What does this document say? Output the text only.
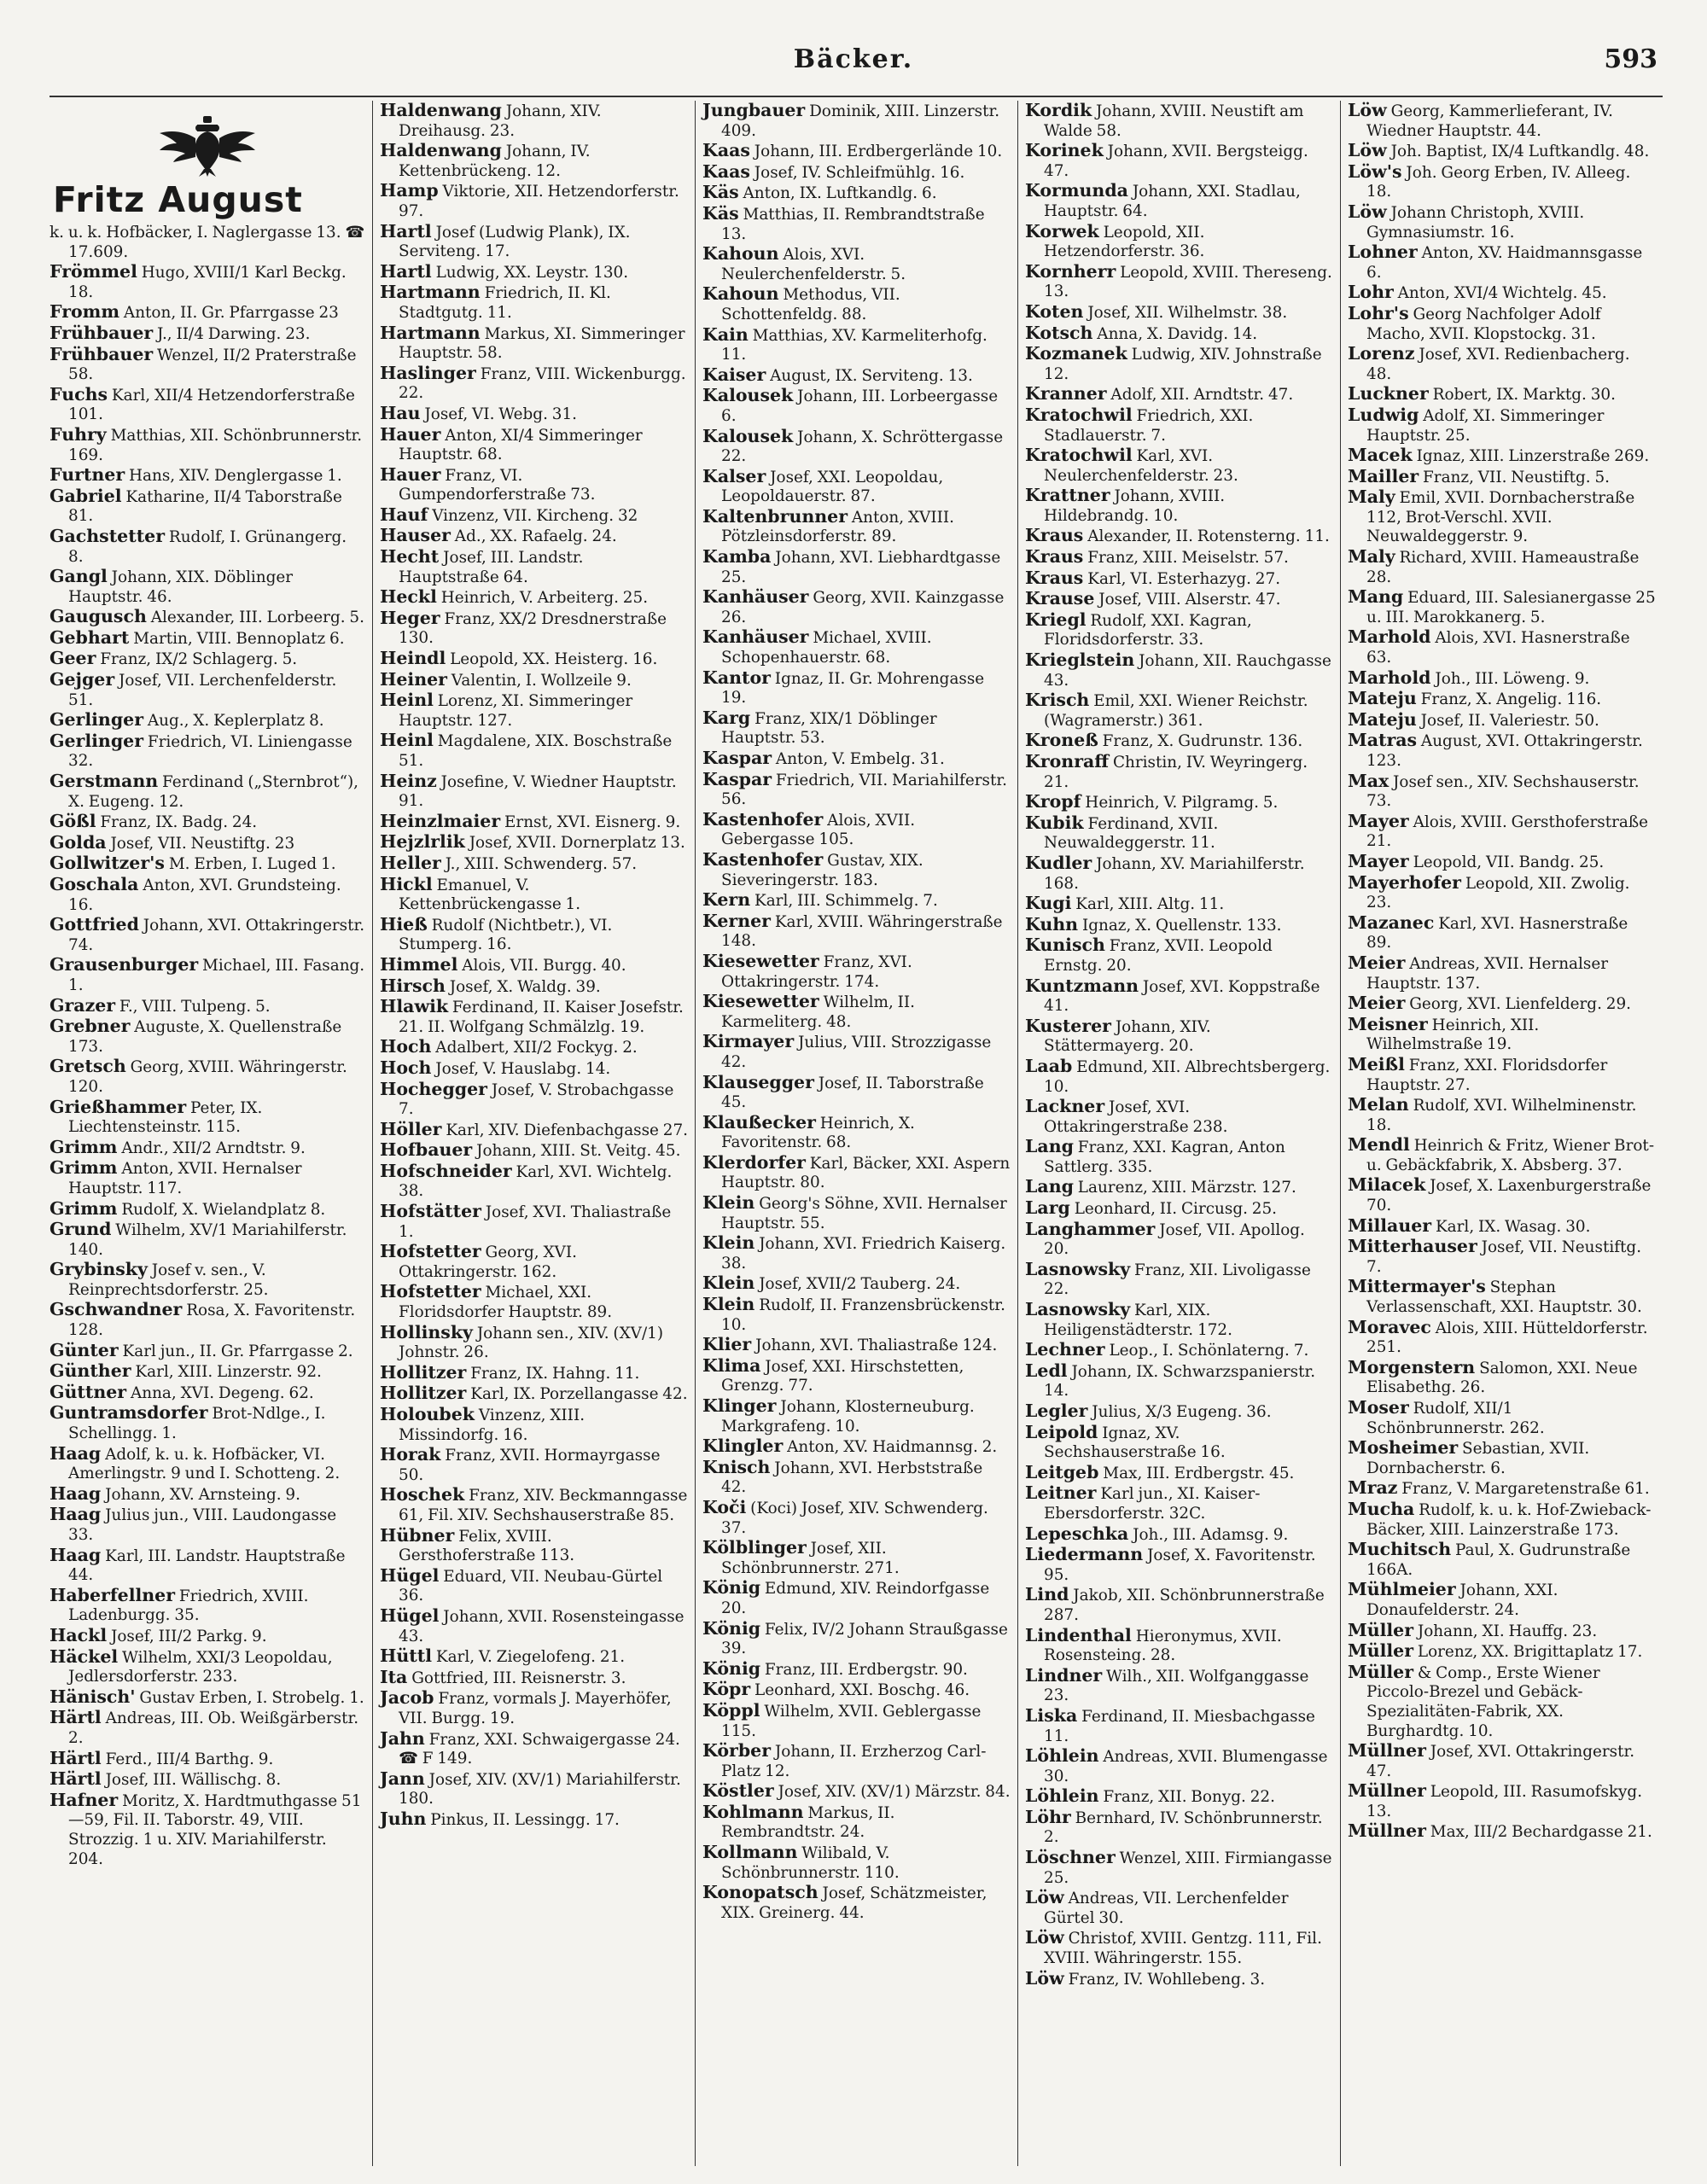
Bäcker.	593
Fritz August
k. u. k. Hofbäcker, I. Naglergasse 13. ☎ 17.609.
Frömmel Hugo, XVIII/1 Karl Beckg. 18.
Fromm Anton, II. Gr. Pfarrgasse 23
Frühbauer J., II/4 Darwing. 23.
Frühbauer Wenzel, II/2 Praterstraße 58.
Fuchs Karl, XII/4 Hetzendorferstraße 101.
Fuhry Matthias, XII. Schönbrunnerstr. 169.
Furtner Hans, XIV. Denglergasse 1.
Gabriel Katharine, II/4 Taborstraße 81.
Gachstetter Rudolf, I. Grünangerg. 8.
Gangl Johann, XIX. Döblinger Hauptstr. 46.
Gaugusch Alexander, III. Lorbeerg. 5.
Gebhart Martin, VIII. Bennoplatz 6.
Geer Franz, IX/2 Schlagerg. 5.
Gejger Josef, VII. Lerchenfelderstr. 51.
Gerlinger Aug., X. Keplerplatz 8.
Gerlinger Friedrich, VI. Liniengasse 32.
Gerstmann Ferdinand („Sternbrot“), X. Eugeng. 12.
Gößl Franz, IX. Badg. 24.
Golda Josef, VII. Neustiftg. 23
Gollwitzer's M. Erben, I. Luged 1.
Goschala Anton, XVI. Grundsteing. 16.
Gottfried Johann, XVI. Ottakringerstr. 74.
Grausenburger Michael, III. Fasang. 1.
Grazer F., VIII. Tulpeng. 5.
Grebner Auguste, X. Quellenstraße 173.
Gretsch Georg, XVIII. Währingerstr. 120.
Grießhammer Peter, IX. Liechtensteinstr. 115.
Grimm Andr., XII/2 Arndtstr. 9.
Grimm Anton, XVII. Hernalser Hauptstr. 117.
Grimm Rudolf, X. Wielandplatz 8.
Grund Wilhelm, XV/1 Mariahilferstr. 140.
Grybinsky Josef v. sen., V. Reinprechtsdorferstr. 25.
Gschwandner Rosa, X. Favoritenstr. 128.
Günter Karl jun., II. Gr. Pfarrgasse 2.
Günther Karl, XIII. Linzerstr. 92.
Güttner Anna, XVI. Degeng. 62.
Guntramsdorfer Brot-Ndlge., I. Schellingg. 1.
Haag Adolf, k. u. k. Hofbäcker, VI. Amerlingstr. 9 und I. Schotteng. 2.
Haag Johann, XV. Arnsteing. 9.
Haag Julius jun., VIII. Laudongasse 33.
Haag Karl, III. Landstr. Hauptstraße 44.
Haberfellner Friedrich, XVIII. Ladenburgg. 35.
Hackl Josef, III/2 Parkg. 9.
Häckel Wilhelm, XXI/3 Leopoldau, Jedlersdorferstr. 233.
Hänisch' Gustav Erben, I. Strobelg. 1.
Härtl Andreas, III. Ob. Weißgärberstr. 2.
Härtl Ferd., III/4 Barthg. 9.
Härtl Josef, III. Wällischg. 8.
Hafner Moritz, X. Hardtmuthgasse 51—59, Fil. II. Taborstr. 49, VIII. Strozzig. 1 u. XIV. Mariahilferstr. 204.
Haldenwang Johann, XIV. Dreihausg. 23.
Haldenwang Johann, IV. Kettenbrückeng. 12.
Hamp Viktorie, XII. Hetzendorferstr. 97.
Hartl Josef (Ludwig Plank), IX. Serviteng. 17.
Hartl Ludwig, XX. Leystr. 130.
Hartmann Friedrich, II. Kl. Stadtgutg. 11.
Hartmann Markus, XI. Simmeringer Hauptstr. 58.
Haslinger Franz, VIII. Wickenburgg. 22.
Hau Josef, VI. Webg. 31.
Hauer Anton, XI/4 Simmeringer Hauptstr. 68.
Hauer Franz, VI. Gumpendorferstraße 73.
Hauf Vinzenz, VII. Kircheng. 32
Hauser Ad., XX. Rafaelg. 24.
Hecht Josef, III. Landstr. Hauptstraße 64.
Heckl Heinrich, V. Arbeiterg. 25.
Heger Franz, XX/2 Dresdnerstraße 130.
Heindl Leopold, XX. Heisterg. 16.
Heiner Valentin, I. Wollzeile 9.
Heinl Lorenz, XI. Simmeringer Hauptstr. 127.
Heinl Magdalene, XIX. Boschstraße 51.
Heinz Josefine, V. Wiedner Hauptstr. 91.
Heinzlmaier Ernst, XVI. Eisnerg. 9.
Hejzlrlik Josef, XVII. Dornerplatz 13.
Heller J., XIII. Schwenderg. 57.
Hickl Emanuel, V. Kettenbrückengasse 1.
Hieß Rudolf (Nichtbetr.), VI. Stumperg. 16.
Himmel Alois, VII. Burgg. 40.
Hirsch Josef, X. Waldg. 39.
Hlawik Ferdinand, II. Kaiser Josefstr. 21. II. Wolfgang Schmälzlg. 19.
Hoch Adalbert, XII/2 Fockyg. 2.
Hoch Josef, V. Hauslabg. 14.
Hochegger Josef, V. Strobachgasse 7.
Höller Karl, XIV. Diefenbachgasse 27.
Hofbauer Johann, XIII. St. Veitg. 45.
Hofschneider Karl, XVI. Wichtelg. 38.
Hofstätter Josef, XVI. Thaliastraße 1.
Hofstetter Georg, XVI. Ottakringerstr. 162.
Hofstetter Michael, XXI. Floridsdorfer Hauptstr. 89.
Hollinsky Johann sen., XIV. (XV/1) Johnstr. 26.
Hollitzer Franz, IX. Hahng. 11.
Hollitzer Karl, IX. Porzellangasse 42.
Holoubek Vinzenz, XIII. Missindorfg. 16.
Horak Franz, XVII. Hormayrgasse 50.
Hoschek Franz, XIV. Beckmanngasse 61, Fil. XIV. Sechshauserstraße 85.
Hübner Felix, XVIII. Gersthoferstraße 113.
Hügel Eduard, VII. Neubau-Gürtel 36.
Hügel Johann, XVII. Rosensteingasse 43.
Hüttl Karl, V. Ziegelofeng. 21.
Ita Gottfried, III. Reisnerstr. 3.
Jacob Franz, vormals J. Mayerhöfer, VII. Burgg. 19.
Jahn Franz, XXI. Schwaigergasse 24. ☎ F 149.
Jann Josef, XIV. (XV/1) Mariahilferstr. 180.
Juhn Pinkus, II. Lessingg. 17.
Jungbauer Dominik, XIII. Linzerstr. 409.
Kaas Johann, III. Erdbergerlände 10.
Kaas Josef, IV. Schleifmühlg. 16.
Käs Anton, IX. Luftkandlg. 6.
Käs Matthias, II. Rembrandtstraße 13.
Kahoun Alois, XVI. Neulerchenfelderstr. 5.
Kahoun Methodus, VII. Schottenfeldg. 88.
Kain Matthias, XV. Karmeliterhofg. 11.
Kaiser August, IX. Serviteng. 13.
Kalousek Johann, III. Lorbeergasse 6.
Kalousek Johann, X. Schröttergasse 22.
Kalser Josef, XXI. Leopoldau, Leopoldauerstr. 87.
Kaltenbrunner Anton, XVIII. Pötzleinsdorferstr. 89.
Kamba Johann, XVI. Liebhardtgasse 25.
Kanhäuser Georg, XVII. Kainzgasse 26.
Kanhäuser Michael, XVIII. Schopenhauerstr. 68.
Kantor Ignaz, II. Gr. Mohrengasse 19.
Karg Franz, XIX/1 Döblinger Hauptstr. 53.
Kaspar Anton, V. Embelg. 31.
Kaspar Friedrich, VII. Mariahilferstr. 56.
Kastenhofer Alois, XVII. Gebergasse 105.
Kastenhofer Gustav, XIX. Sieveringerstr. 183.
Kern Karl, III. Schimmelg. 7.
Kerner Karl, XVIII. Währingerstraße 148.
Kiesewetter Franz, XVI. Ottakringerstr. 174.
Kiesewetter Wilhelm, II. Karmeliterg. 48.
Kirmayer Julius, VIII. Strozzigasse 42.
Klausegger Josef, II. Taborstraße 45.
Klaußecker Heinrich, X. Favoritenstr. 68.
Klerdorfer Karl, Bäcker, XXI. Aspern Hauptstr. 80.
Klein Georg's Söhne, XVII. Hernalser Hauptstr. 55.
Klein Johann, XVI. Friedrich Kaiserg. 38.
Klein Josef, XVII/2 Tauberg. 24.
Klein Rudolf, II. Franzensbrückenstr. 10.
Klier Johann, XVI. Thaliastraße 124.
Klima Josef, XXI. Hirschstetten, Grenzg. 77.
Klinger Johann, Klosterneuburg. Markgrafeng. 10.
Klingler Anton, XV. Haidmannsg. 2.
Knisch Johann, XVI. Herbststraße 42.
Koči (Koci) Josef, XIV. Schwenderg. 37.
Kölblinger Josef, XII. Schönbrunnerstr. 271.
König Edmund, XIV. Reindorfgasse 20.
König Felix, IV/2 Johann Straußgasse 39.
König Franz, III. Erdbergstr. 90.
Köpr Leonhard, XXI. Boschg. 46.
Köppl Wilhelm, XVII. Geblergasse 115.
Körber Johann, II. Erzherzog Carl-Platz 12.
Köstler Josef, XIV. (XV/1) Märzstr. 84.
Kohlmann Markus, II. Rembrandtstr. 24.
Kollmann Wilibald, V. Schönbrunnerstr. 110.
Konopatsch Josef, Schätzmeister, XIX. Greinerg. 44.
Kordik Johann, XVIII. Neustift am Walde 58.
Korinek Johann, XVII. Bergsteigg. 47.
Kormunda Johann, XXI. Stadlau, Hauptstr. 64.
Korwek Leopold, XII. Hetzendorferstr. 36.
Kornherr Leopold, XVIII. Thereseng. 13.
Koten Josef, XII. Wilhelmstr. 38.
Kotsch Anna, X. Davidg. 14.
Kozmanek Ludwig, XIV. Johnstraße 12.
Kranner Adolf, XII. Arndtstr. 47.
Kratochwil Friedrich, XXI. Stadlauerstr. 7.
Kratochwil Karl, XVI. Neulerchenfelderstr. 23.
Krattner Johann, XVIII. Hildebrandg. 10.
Kraus Alexander, II. Rotensterng. 11.
Kraus Franz, XIII. Meiselstr. 57.
Kraus Karl, VI. Esterhazyg. 27.
Krause Josef, VIII. Alserstr. 47.
Kriegl Rudolf, XXI. Kagran, Floridsdorferstr. 33.
Krieglstein Johann, XII. Rauchgasse 43.
Krisch Emil, XXI. Wiener Reichstr. (Wagramerstr.) 361.
Kroneß Franz, X. Gudrunstr. 136.
Kronraff Christin, IV. Weyringerg. 21.
Kropf Heinrich, V. Pilgramg. 5.
Kubik Ferdinand, XVII. Neuwaldeggerstr. 11.
Kudler Johann, XV. Mariahilferstr. 168.
Kugi Karl, XIII. Altg. 11.
Kuhn Ignaz, X. Quellenstr. 133.
Kunisch Franz, XVII. Leopold Ernstg. 20.
Kuntzmann Josef, XVI. Koppstraße 41.
Kusterer Johann, XIV. Stättermayerg. 20.
Laab Edmund, XII. Albrechtsbergerg. 10.
Lackner Josef, XVI. Ottakringerstraße 238.
Lang Franz, XXI. Kagran, Anton Sattlerg. 335.
Lang Laurenz, XIII. Märzstr. 127.
Larg Leonhard, II. Circusg. 25.
Langhammer Josef, VII. Apollog. 20.
Lasnowsky Franz, XII. Livoligasse 22.
Lasnowsky Karl, XIX. Heiligenstädterstr. 172.
Lechner Leop., I. Schönlaterng. 7.
Ledl Johann, IX. Schwarzspanierstr. 14.
Legler Julius, X/3 Eugeng. 36.
Leipold Ignaz, XV. Sechshauserstraße 16.
Leitgeb Max, III. Erdbergstr. 45.
Leitner Karl jun., XI. Kaiser-Ebersdorferstr. 32C.
Lepeschka Joh., III. Adamsg. 9.
Liedermann Josef, X. Favoritenstr. 95.
Lind Jakob, XII. Schönbrunnerstraße 287.
Lindenthal Hieronymus, XVII. Rosensteing. 28.
Lindner Wilh., XII. Wolfganggasse 23.
Liska Ferdinand, II. Miesbachgasse 11.
Löhlein Andreas, XVII. Blumengasse 30.
Löhlein Franz, XII. Bonyg. 22.
Löhr Bernhard, IV. Schönbrunnerstr. 2.
Löschner Wenzel, XIII. Firmiangasse 25.
Löw Andreas, VII. Lerchenfelder Gürtel 30.
Löw Christof, XVIII. Gentzg. 111, Fil. XVIII. Währingerstr. 155.
Löw Franz, IV. Wohllebeng. 3.
Löw Georg, Kammerlieferant, IV. Wiedner Hauptstr. 44.
Löw Joh. Baptist, IX/4 Luftkandlg. 48.
Löw's Joh. Georg Erben, IV. Alleeg. 18.
Löw Johann Christoph, XVIII. Gymnasiumstr. 16.
Lohner Anton, XV. Haidmannsgasse 6.
Lohr Anton, XVI/4 Wichtelg. 45.
Lohr's Georg Nachfolger Adolf Macho, XVII. Klopstockg. 31.
Lorenz Josef, XVI. Redienbacherg. 48.
Luckner Robert, IX. Marktg. 30.
Ludwig Adolf, XI. Simmeringer Hauptstr. 25.
Macek Ignaz, XIII. Linzerstraße 269.
Mailler Franz, VII. Neustiftg. 5.
Maly Emil, XVII. Dornbacherstraße 112, Brot-Verschl. XVII. Neuwaldeggerstr. 9.
Maly Richard, XVIII. Hameaustraße 28.
Mang Eduard, III. Salesianergasse 25 u. III. Marokkanerg. 5.
Marhold Alois, XVI. Hasnerstraße 63.
Marhold Joh., III. Löweng. 9.
Mateju Franz, X. Angelig. 116.
Mateju Josef, II. Valeriestr. 50.
Matras August, XVI. Ottakringerstr. 123.
Max Josef sen., XIV. Sechshauserstr. 73.
Mayer Alois, XVIII. Gersthoferstraße 21.
Mayer Leopold, VII. Bandg. 25.
Mayerhofer Leopold, XII. Zwolig. 23.
Mazanec Karl, XVI. Hasnerstraße 89.
Meier Andreas, XVII. Hernalser Hauptstr. 137.
Meier Georg, XVI. Lienfelderg. 29.
Meisner Heinrich, XII. Wilhelmstraße 19.
Meißl Franz, XXI. Floridsdorfer Hauptstr. 27.
Melan Rudolf, XVI. Wilhelminenstr. 18.
Mendl Heinrich & Fritz, Wiener Brot- u. Gebäckfabrik, X. Absberg. 37.
Milacek Josef, X. Laxenburgerstraße 70.
Millauer Karl, IX. Wasag. 30.
Mitterhauser Josef, VII. Neustiftg. 7.
Mittermayer's Stephan Verlassenschaft, XXI. Hauptstr. 30.
Moravec Alois, XIII. Hütteldorferstr. 251.
Morgenstern Salomon, XXI. Neue Elisabethg. 26.
Moser Rudolf, XII/1 Schönbrunnerstr. 262.
Mosheimer Sebastian, XVII. Dornbacherstr. 6.
Mraz Franz, V. Margaretenstraße 61.
Mucha Rudolf, k. u. k. Hof-Zwieback-Bäcker, XIII. Lainzerstraße 173.
Muchitsch Paul, X. Gudrunstraße 166A.
Mühlmeier Johann, XXI. Donaufelderstr. 24.
Müller Johann, XI. Hauffg. 23.
Müller Lorenz, XX. Brigittaplatz 17.
Müller & Comp., Erste Wiener Piccolo-Brezel und Gebäck-Spezialitäten-Fabrik, XX. Burghardtg. 10.
Müllner Josef, XVI. Ottakringerstr. 47.
Müllner Leopold, III. Rasumofskyg. 13.
Müllner Max, III/2 Bechardgasse 21.
